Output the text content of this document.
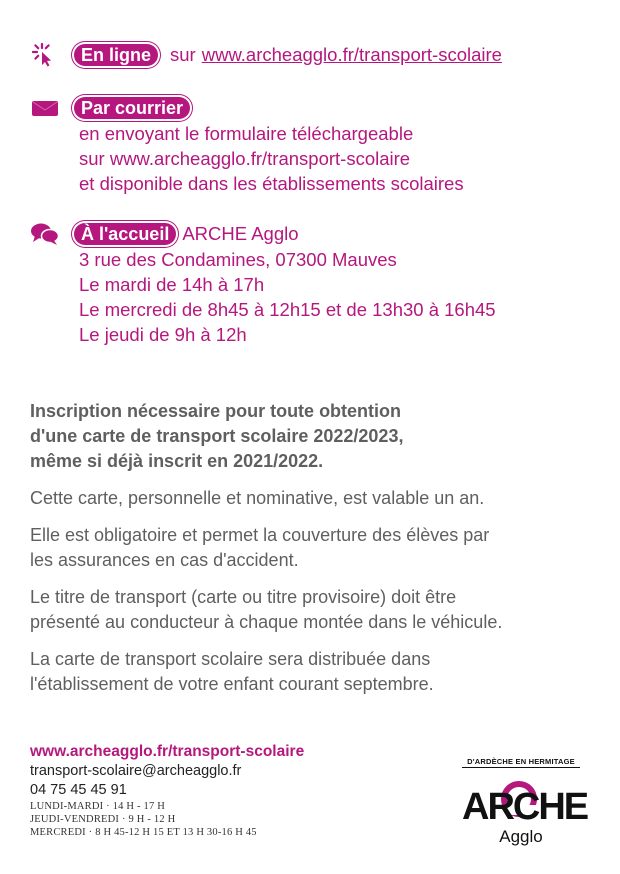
En ligne	sur www.archeagglo.fr/transport-scolaire
Par courrier
en envoyant le formulaire téléchargeable
sur www.archeagglo.fr/transport-scolaire
et disponible dans les établissements scolaires
À l'accueil ARCHE Agglo
3 rue des Condamines, 07300 Mauves
Le mardi de 14h à 17h
Le mercredi de 8h45 à 12h15 et de 13h30 à 16h45
Le jeudi de 9h à 12h
Inscription nécessaire pour toute obtention
d'une carte de transport scolaire 2022/2023,
même si déjà inscrit en 2021/2022.
Cette carte, personnelle et nominative, est valable un an.
Elle est obligatoire et permet la couverture des élèves par
les assurances en cas d'accident.
Le titre de transport (carte ou titre provisoire) doit être
présenté au conducteur à chaque montée dans le véhicule.
La carte de transport scolaire sera distribuée dans
l'établissement de votre enfant courant septembre.
www.archeagglo.fr/transport-scolaire
transport-scolaire@archeagglo.fr
04 75 45 45 91
LUNDI-MARDI · 14 H - 17 H
JEUDI-VENDREDI · 9 H - 12 H
MERCREDI · 8 H 45-12 H 15 ET 13 H 30-16 H 45
D'ARDÈCHE EN HERMITAGE
ARCHE
Agglo
